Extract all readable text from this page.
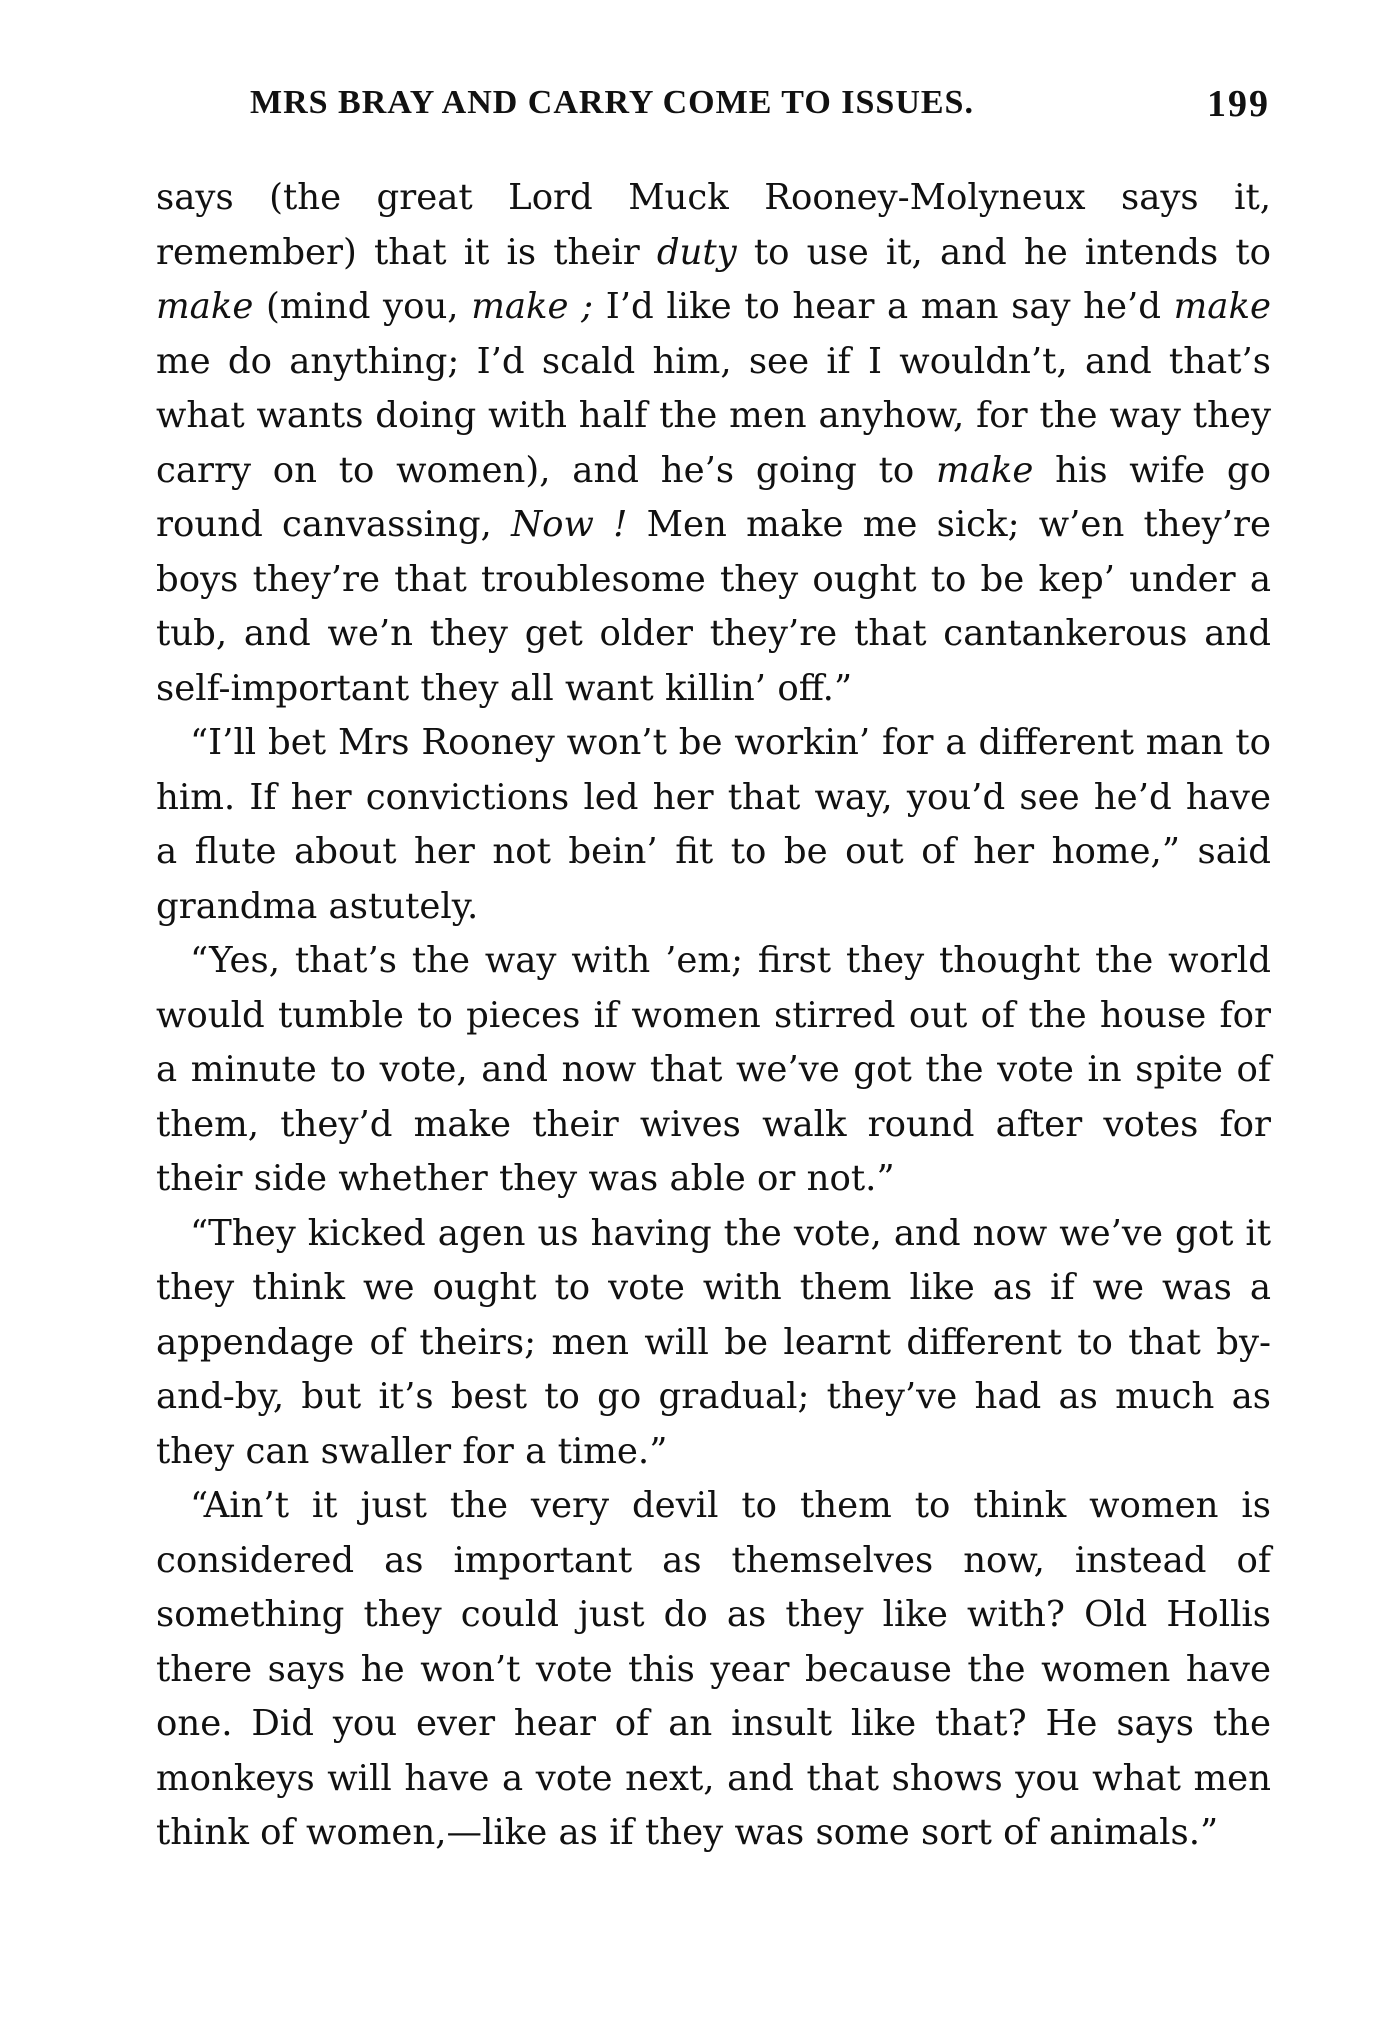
MRS BRAY AND CARRY COME TO ISSUES.	199

says (the great Lord Muck Rooney-Molyneux says it, remember) that it is their duty to use it, and he intends to make (mind you, make ; I’d like to hear a man say he’d make me do anything; I’d scald him, see if I wouldn’t, and that’s what wants doing with half the men anyhow, for the way they carry on to women), and he’s going to make his wife go round canvassing, Now ! Men make me sick; w’en they’re boys they’re that troublesome they ought to be kep’ under a tub, and we’n they get older they’re that cantankerous and self-important they all want killin’ off.”

“I’ll bet Mrs Rooney won’t be workin’ for a different man to him. If her convictions led her that way, you’d see he’d have a flute about her not bein’ fit to be out of her home,” said grandma astutely.

“Yes, that’s the way with ’em; first they thought the world would tumble to pieces if women stirred out of the house for a minute to vote, and now that we’ve got the vote in spite of them, they’d make their wives walk round after votes for their side whether they was able or not.”

“They kicked agen us having the vote, and now we’ve got it they think we ought to vote with them like as if we was a appendage of theirs; men will be learnt different to that by-and-by, but it’s best to go gradual; they’ve had as much as they can swaller for a time.”

“Ain’t it just the very devil to them to think women is considered as important as themselves now, instead of something they could just do as they like with? Old Hollis there says he won’t vote this year because the women have one. Did you ever hear of an insult like that? He says the monkeys will have a vote next, and that shows you what men think of women,—like as if they was some sort of animals.”
